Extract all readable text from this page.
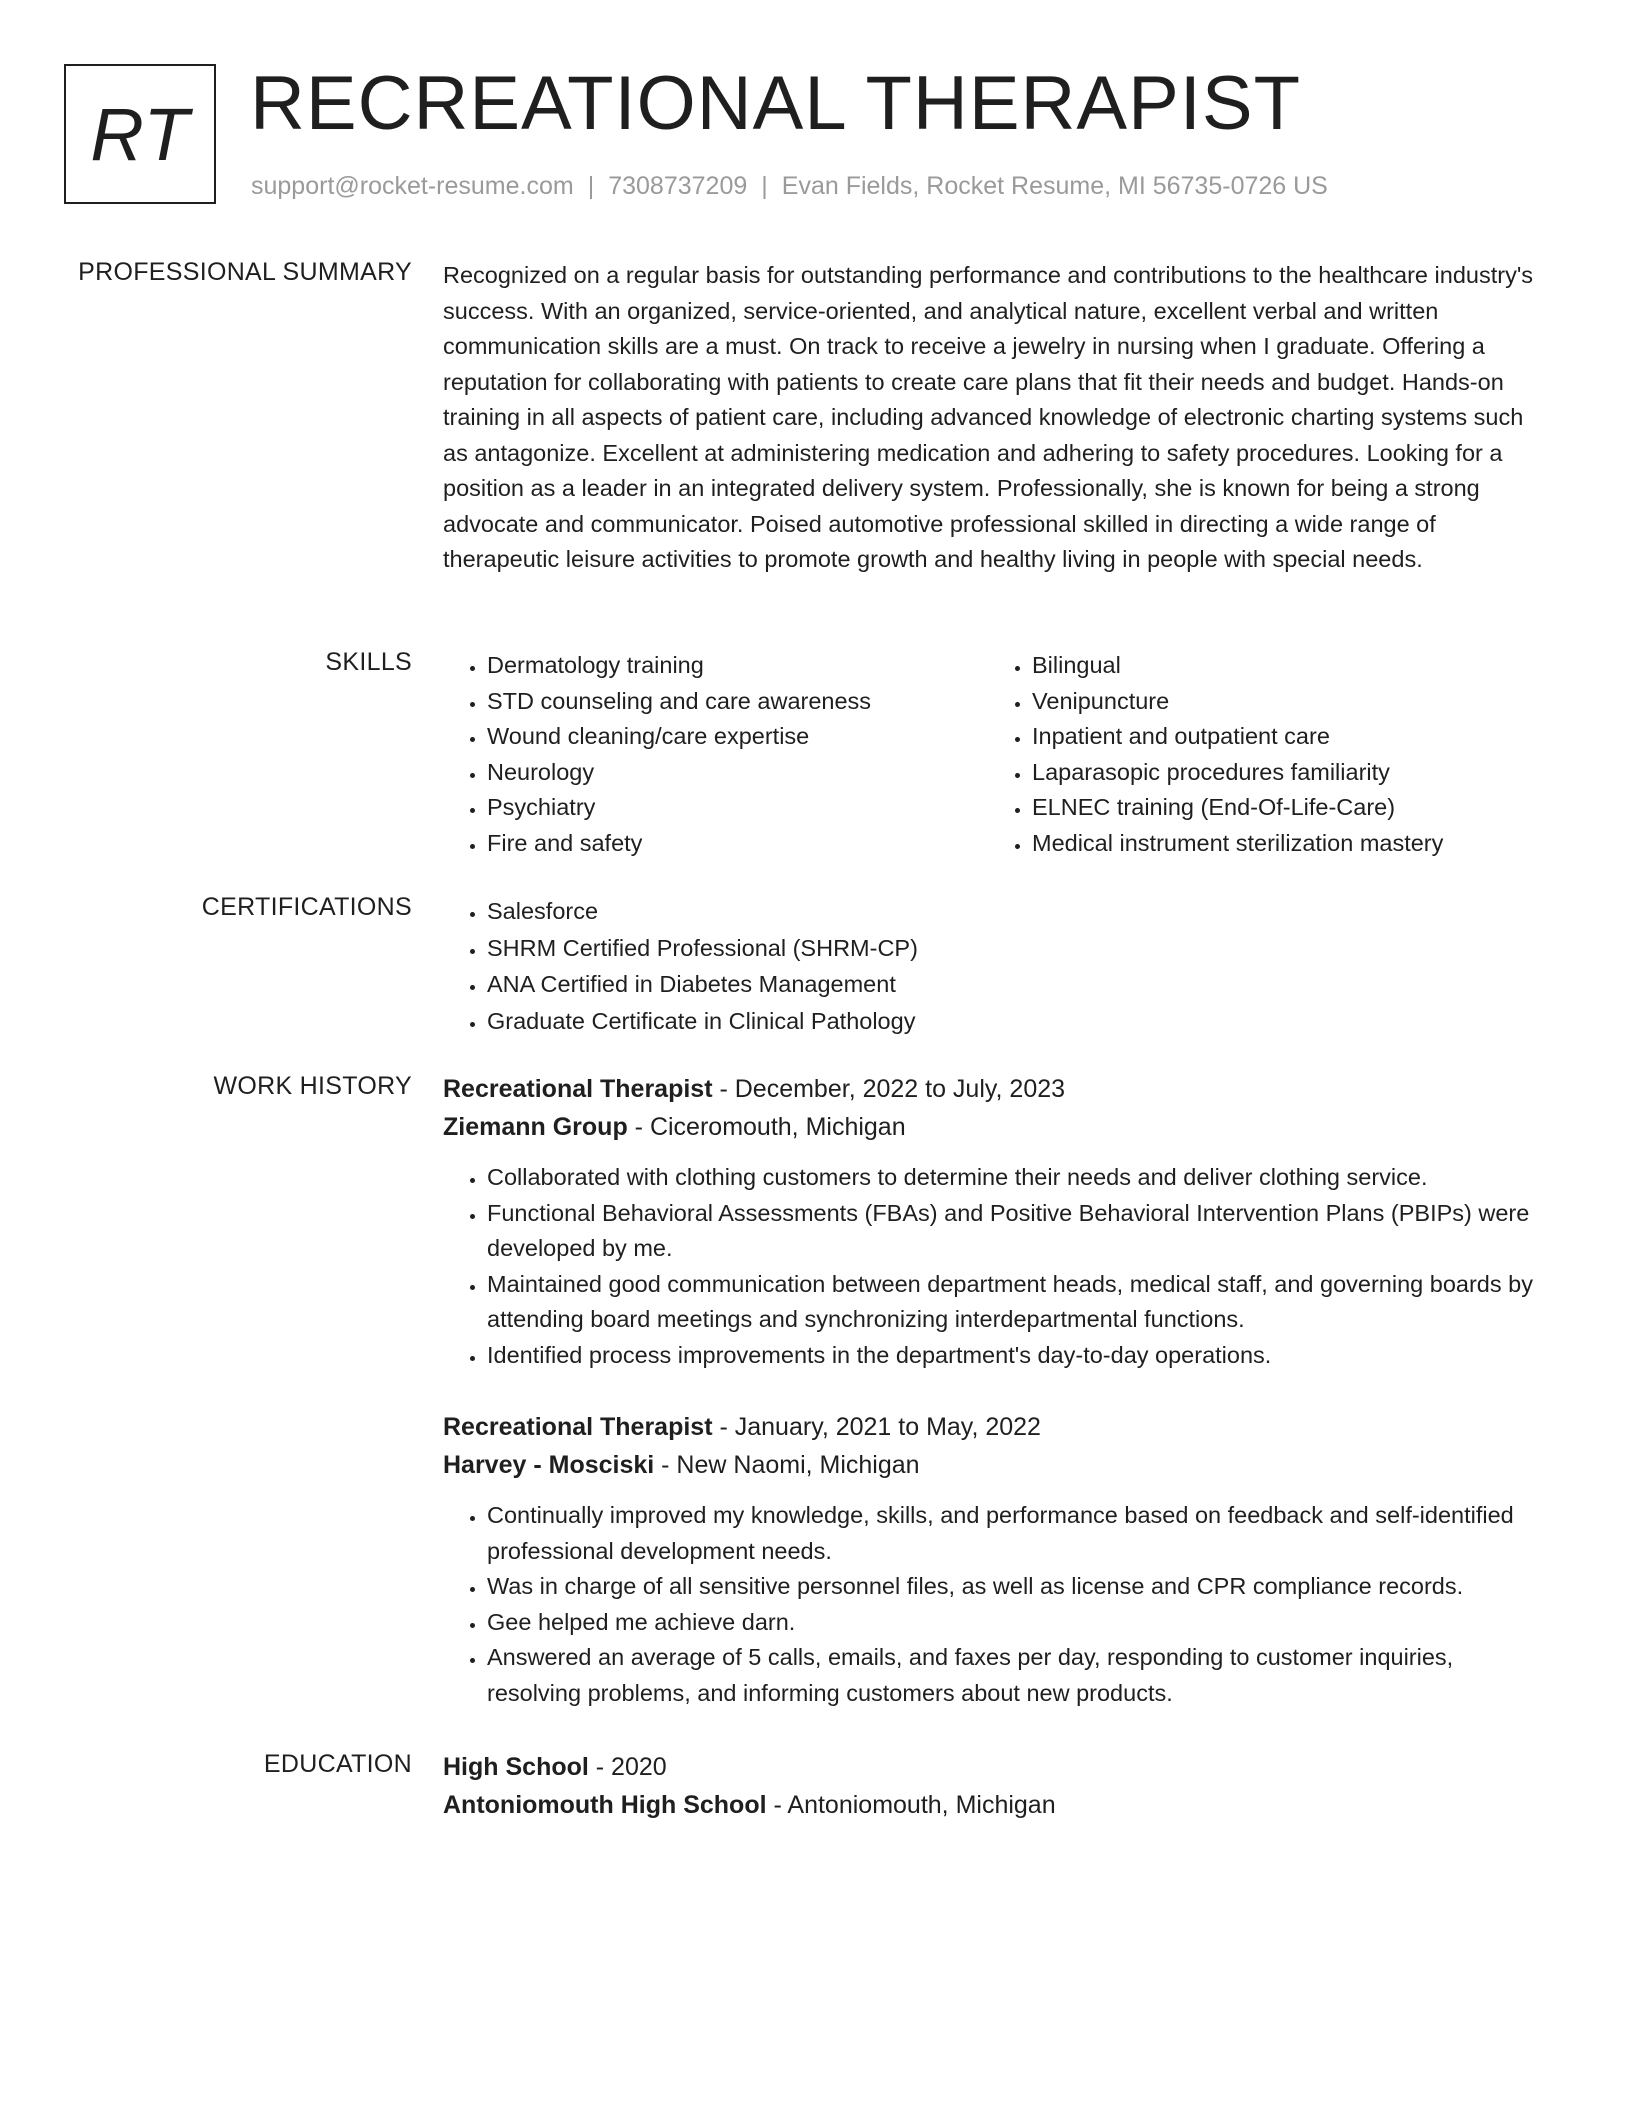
RT RECREATIONAL THERAPIST
support@rocket-resume.com | 7308737209 | Evan Fields, Rocket Resume, MI 56735-0726 US
PROFESSIONAL SUMMARY Recognized on a regular basis for outstanding performance and contributions to the healthcare industry's success. With an organized, service-oriented, and analytical nature, excellent verbal and written communication skills are a must. On track to receive a jewelry in nursing when I graduate. Offering a reputation for collaborating with patients to create care plans that fit their needs and budget. Hands-on training in all aspects of patient care, including advanced knowledge of electronic charting systems such as antagonize. Excellent at administering medication and adhering to safety procedures. Looking for a position as a leader in an integrated delivery system. Professionally, she is known for being a strong advocate and communicator. Poised automotive professional skilled in directing a wide range of therapeutic leisure activities to promote growth and healthy living in people with special needs.

SKILLS	• Dermatology training
• STD counseling and care awareness
• Wound cleaning/care expertise
• Neurology
• Psychiatry
• Fire and safety
• Bilingual
• Venipuncture
• Inpatient and outpatient care
• Laparasopic procedures familiarity
• ELNEC training (End-Of-Life-Care)
• Medical instrument sterilization mastery
CERTIFICATIONS	• Salesforce
• SHRM Certified Professional (SHRM-CP)
• ANA Certified in Diabetes Management
• Graduate Certificate in Clinical Pathology
WORK HISTORY Recreational Therapist - December, 2022 to July, 2023
Ziemann Group - Ciceromouth, Michigan
• Collaborated with clothing customers to determine their needs and deliver clothing service.
• Functional Behavioral Assessments (FBAs) and Positive Behavioral Intervention Plans (PBIPs) were developed by me.
• Maintained good communication between department heads, medical staff, and governing boards by attending board meetings and synchronizing interdepartmental functions.
• Identified process improvements in the department's day-to-day operations.
Recreational Therapist - January, 2021 to May, 2022
Harvey - Mosciski - New Naomi, Michigan
• Continually improved my knowledge, skills, and performance based on feedback and self-identified professional development needs.
• Was in charge of all sensitive personnel files, as well as license and CPR compliance records.
• Gee helped me achieve darn.
• Answered an average of 5 calls, emails, and faxes per day, responding to customer inquiries, resolving problems, and informing customers about new products.
EDUCATION High School - 2020
Antoniomouth High School - Antoniomouth, Michigan
